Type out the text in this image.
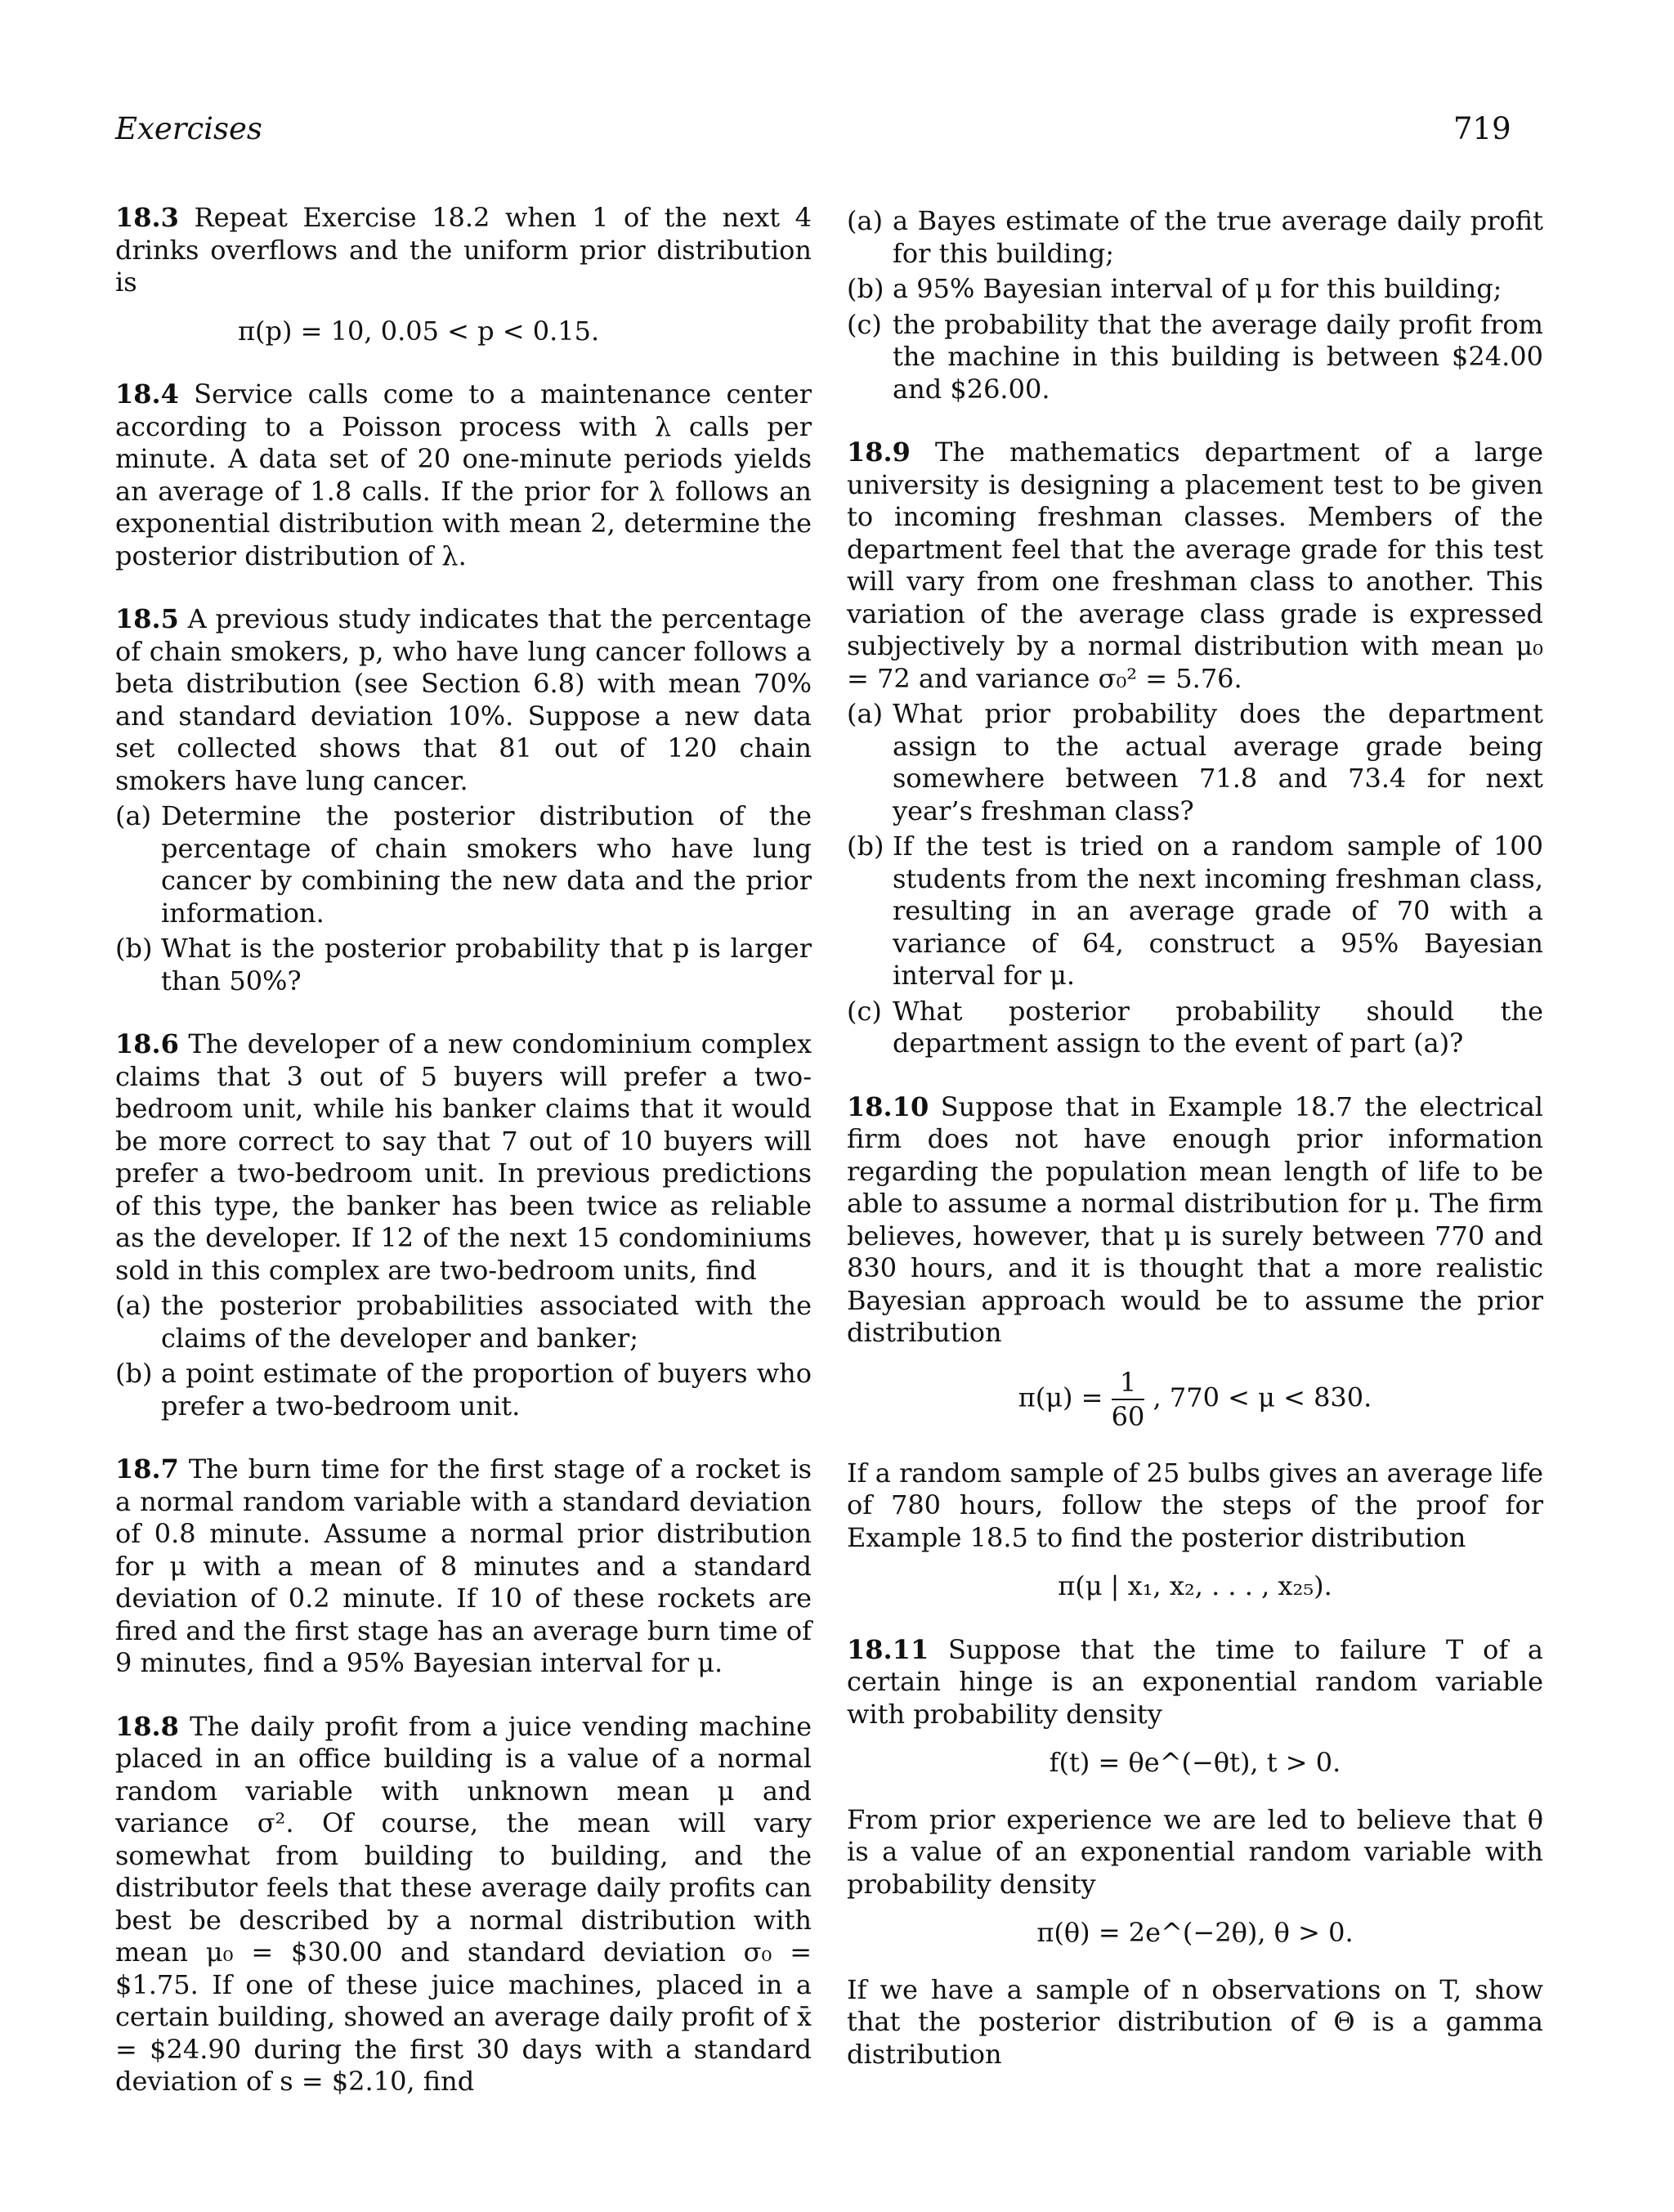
Exercises	719

18.3 Repeat Exercise 18.2 when 1 of the next 4 drinks overflows and the uniform prior distribution is

π(p) = 10, 0.05 < p < 0.15.

18.4 Service calls come to a maintenance center according to a Poisson process with λ calls per minute. A data set of 20 one-minute periods yields an average of 1.8 calls. If the prior for λ follows an exponential distribution with mean 2, determine the posterior distribution of λ.

18.5 A previous study indicates that the percentage of chain smokers, p, who have lung cancer follows a beta distribution (see Section 6.8) with mean 70% and standard deviation 10%. Suppose a new data set collected shows that 81 out of 120 chain smokers have lung cancer.

(a) Determine the posterior distribution of the percentage of chain smokers who have lung cancer by combining the new data and the prior information.
(b) What is the posterior probability that p is larger than 50%?

18.6 The developer of a new condominium complex claims that 3 out of 5 buyers will prefer a two-bedroom unit, while his banker claims that it would be more correct to say that 7 out of 10 buyers will prefer a two-bedroom unit. In previous predictions of this type, the banker has been twice as reliable as the developer. If 12 of the next 15 condominiums sold in this complex are two-bedroom units, find

(a) the posterior probabilities associated with the claims of the developer and banker;
(b) a point estimate of the proportion of buyers who prefer a two-bedroom unit.

18.7 The burn time for the first stage of a rocket is a normal random variable with a standard deviation of 0.8 minute. Assume a normal prior distribution for μ with a mean of 8 minutes and a standard deviation of 0.2 minute. If 10 of these rockets are fired and the first stage has an average burn time of 9 minutes, find a 95% Bayesian interval for μ.

18.8 The daily profit from a juice vending machine placed in an office building is a value of a normal random variable with unknown mean μ and variance σ². Of course, the mean will vary somewhat from building to building, and the distributor feels that these average daily profits can best be described by a normal distribution with mean μ₀ = $30.00 and standard deviation σ₀ = $1.75. If one of these juice machines, placed in a certain building, showed an average daily profit of x̄ = $24.90 during the first 30 days with a standard deviation of s = $2.10, find

(a) a Bayes estimate of the true average daily profit for this building;
(b) a 95% Bayesian interval of μ for this building;
(c) the probability that the average daily profit from the machine in this building is between $24.00 and $26.00.

18.9 The mathematics department of a large university is designing a placement test to be given to incoming freshman classes. Members of the department feel that the average grade for this test will vary from one freshman class to another. This variation of the average class grade is expressed subjectively by a normal distribution with mean μ₀ = 72 and variance σ₀² = 5.76.

(a) What prior probability does the department assign to the actual average grade being somewhere between 71.8 and 73.4 for next year’s freshman class?
(b) If the test is tried on a random sample of 100 students from the next incoming freshman class, resulting in an average grade of 70 with a variance of 64, construct a 95% Bayesian interval for μ.
(c) What posterior probability should the department assign to the event of part (a)?

18.10 Suppose that in Example 18.7 the electrical firm does not have enough prior information regarding the population mean length of life to be able to assume a normal distribution for μ. The firm believes, however, that μ is surely between 770 and 830 hours, and it is thought that a more realistic Bayesian approach would be to assume the prior distribution

$\pi(\mu) = \frac{1}{60}$ , 770 < μ < 830.

If a random sample of 25 bulbs gives an average life of 780 hours, follow the steps of the proof for Example 18.5 to find the posterior distribution

π(μ | x₁, x₂, . . . , x₂₅).

18.11 Suppose that the time to failure T of a certain hinge is an exponential random variable with probability density

f(t) = θe^(−θt), t > 0.

From prior experience we are led to believe that θ is a value of an exponential random variable with probability density

π(θ) = 2e^(−2θ), θ > 0.

If we have a sample of n observations on T, show that the posterior distribution of Θ is a gamma distribution
